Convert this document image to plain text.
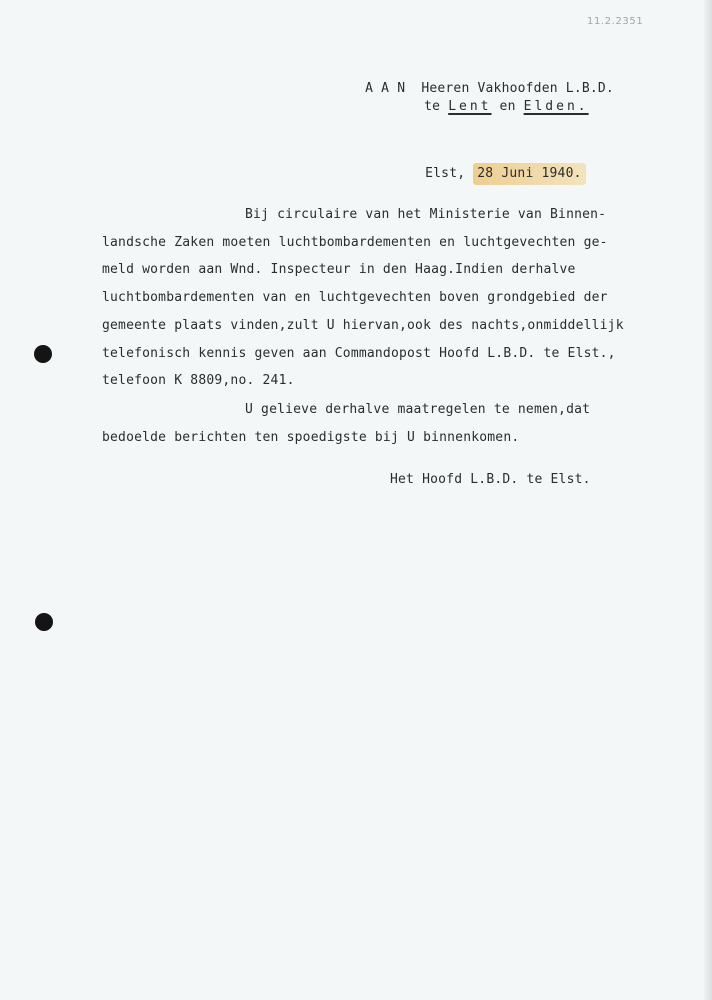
11.2.2351

A A N Heeren Vakhoofden L.B.D.

te Lent en Elden.

Elst, 28 Juni 1940.

Bij circulaire van het Ministerie van Binnen-
landsche Zaken moeten luchtbombardementen en luchtgevechten ge-
meld worden aan Wnd. Inspecteur in den Haag.Indien derhalve
luchtbombardementen van en luchtgevechten boven grondgebied der
gemeente plaats vinden,zult U hiervan,ook des nachts,onmiddellijk
telefonisch kennis geven aan Commandopost Hoofd L.B.D. te Elst.,
telefoon K 8809,no. 241.
U gelieve derhalve maatregelen te nemen,dat
bedoelde berichten ten spoedigste bij U binnenkomen.
Het Hoofd L.B.D. te Elst.
